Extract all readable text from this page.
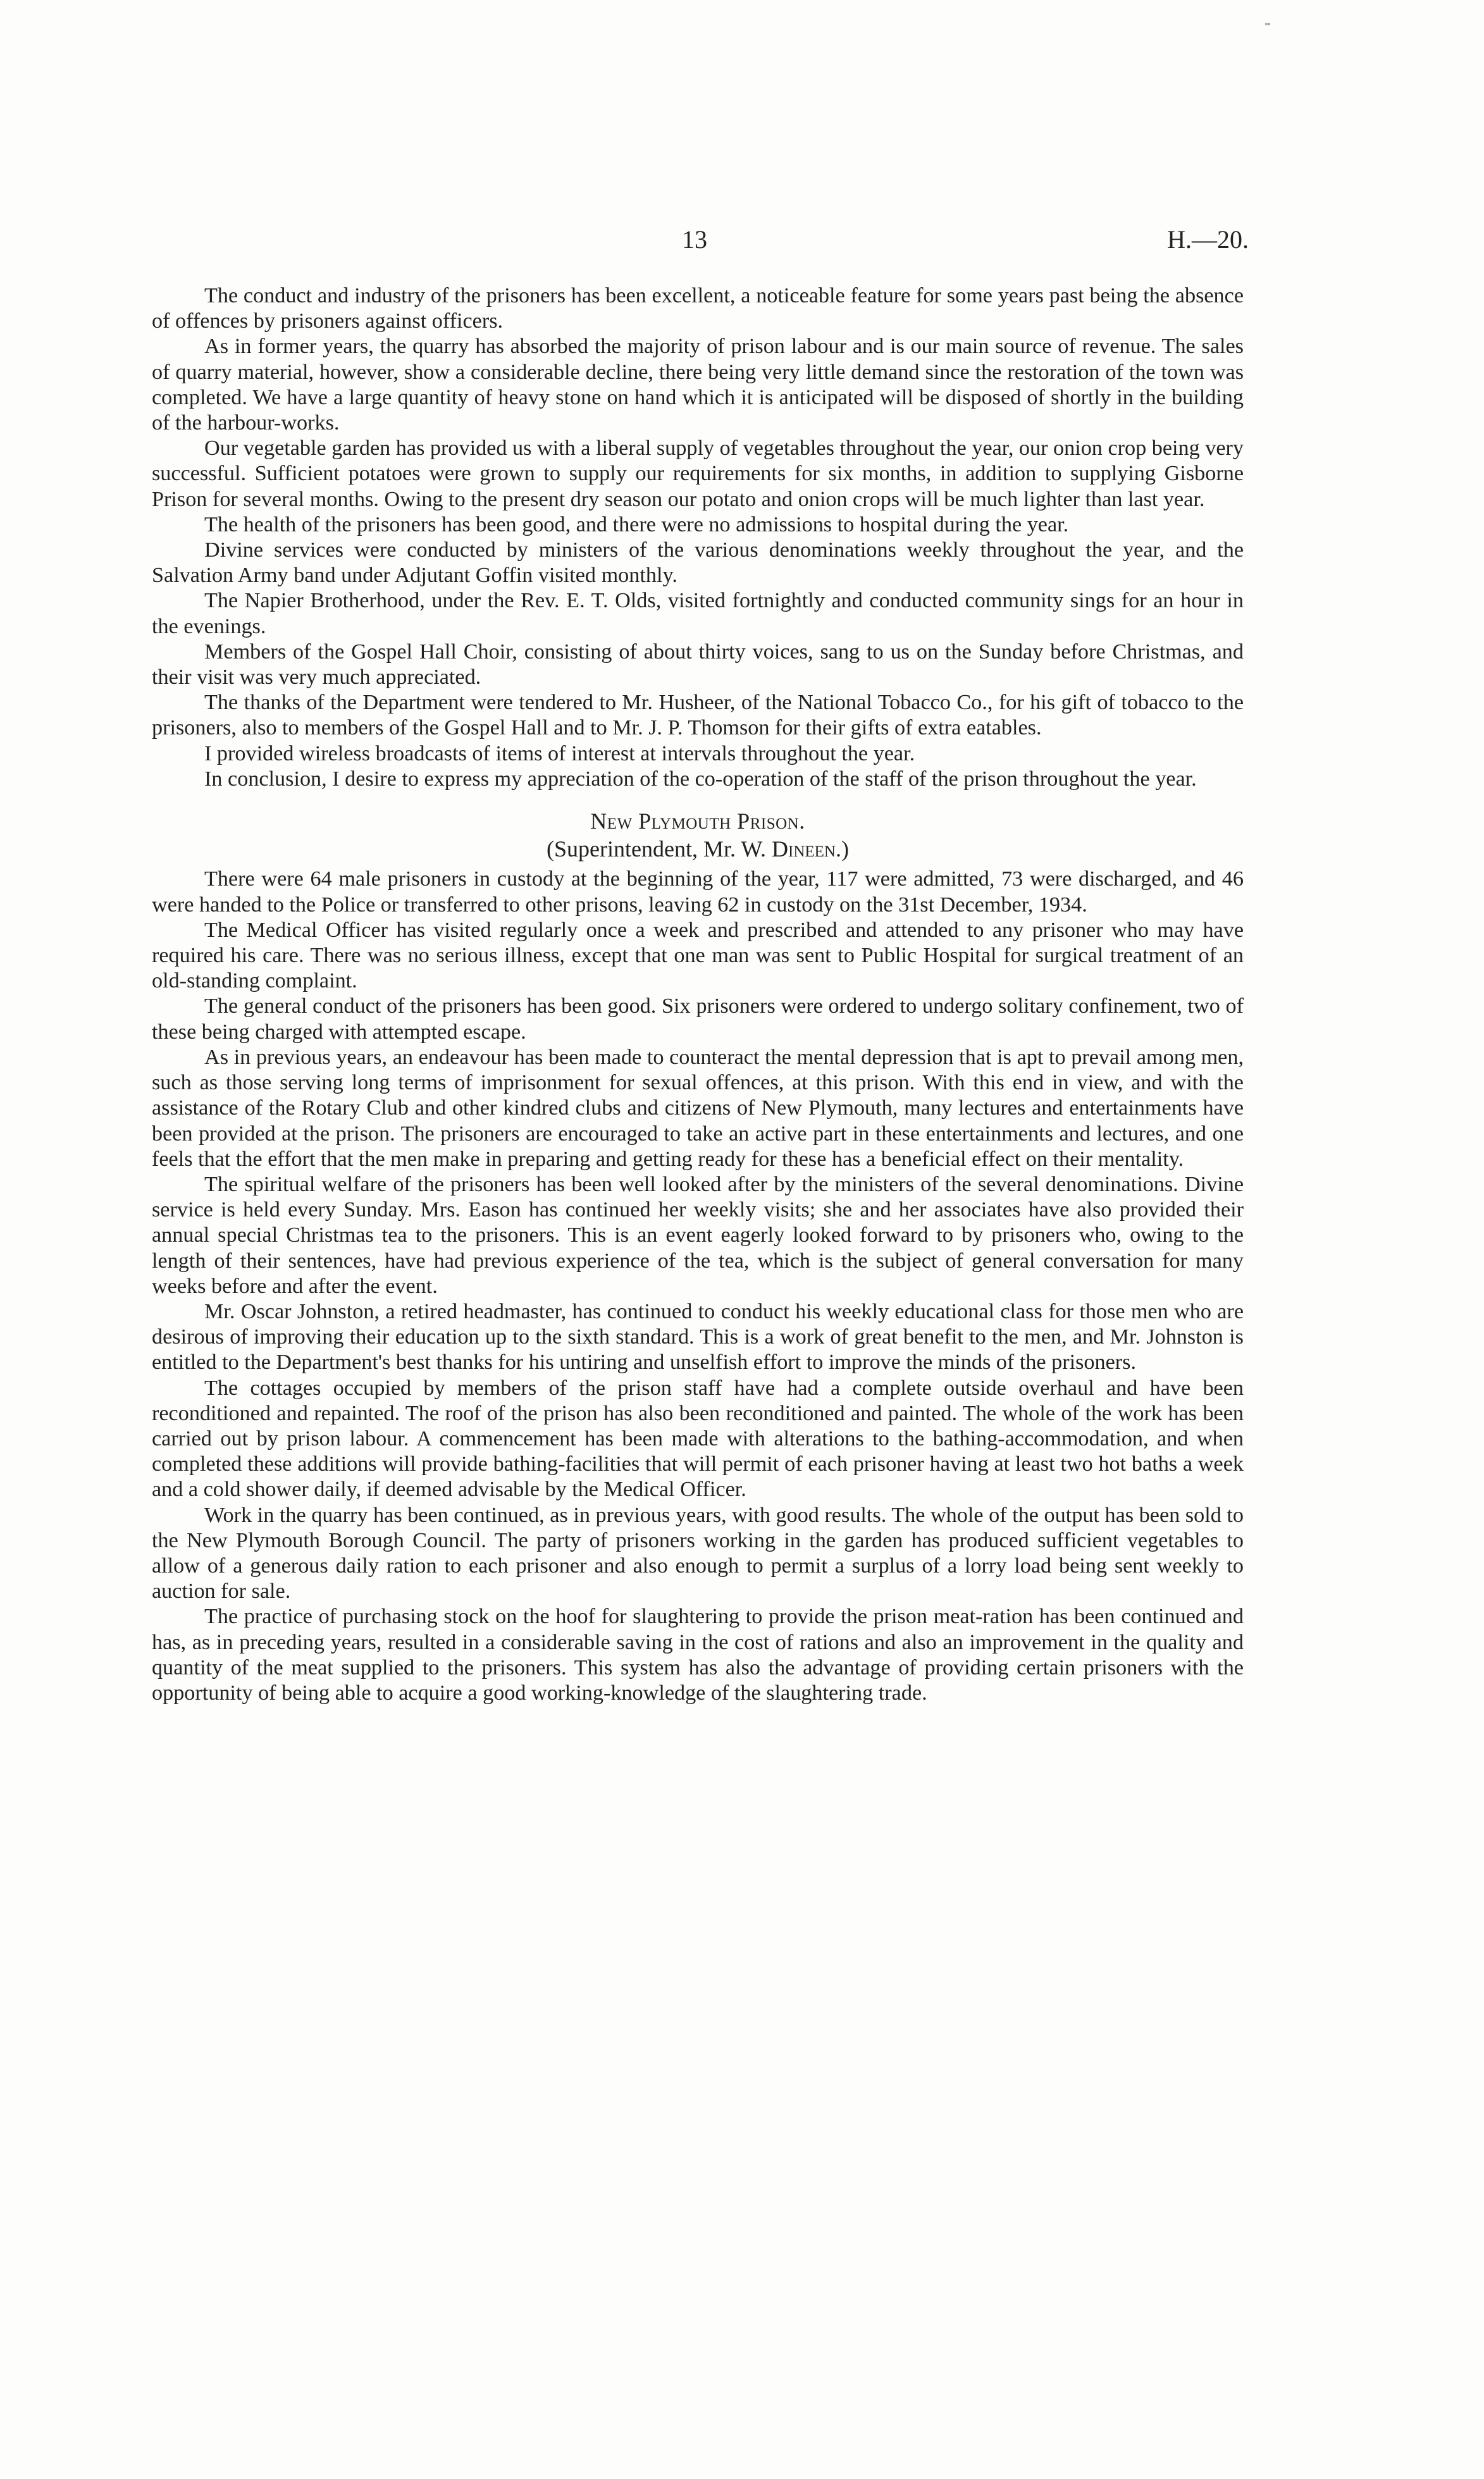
13	H.—20.

The conduct and industry of the prisoners has been excellent, a noticeable feature for some years past being the absence of offences by prisoners against officers.

As in former years, the quarry has absorbed the majority of prison labour and is our main source of revenue. The sales of quarry material, however, show a considerable decline, there being very little demand since the restoration of the town was completed. We have a large quantity of heavy stone on hand which it is anticipated will be disposed of shortly in the building of the harbour-works.

Our vegetable garden has provided us with a liberal supply of vegetables throughout the year, our onion crop being very successful. Sufficient potatoes were grown to supply our requirements for six months, in addition to supplying Gisborne Prison for several months. Owing to the present dry season our potato and onion crops will be much lighter than last year.

The health of the prisoners has been good, and there were no admissions to hospital during the year.

Divine services were conducted by ministers of the various denominations weekly throughout the year, and the Salvation Army band under Adjutant Goffin visited monthly.

The Napier Brotherhood, under the Rev. E. T. Olds, visited fortnightly and conducted community sings for an hour in the evenings.

Members of the Gospel Hall Choir, consisting of about thirty voices, sang to us on the Sunday before Christmas, and their visit was very much appreciated.

The thanks of the Department were tendered to Mr. Husheer, of the National Tobacco Co., for his gift of tobacco to the prisoners, also to members of the Gospel Hall and to Mr. J. P. Thomson for their gifts of extra eatables.

I provided wireless broadcasts of items of interest at intervals throughout the year.

In conclusion, I desire to express my appreciation of the co-operation of the staff of the prison throughout the year.

New Plymouth Prison.
(Superintendent, Mr. W. Dineen.)

There were 64 male prisoners in custody at the beginning of the year, 117 were admitted, 73 were discharged, and 46 were handed to the Police or transferred to other prisons, leaving 62 in custody on the 31st December, 1934.

The Medical Officer has visited regularly once a week and prescribed and attended to any prisoner who may have required his care. There was no serious illness, except that one man was sent to Public Hospital for surgical treatment of an old-standing complaint.

The general conduct of the prisoners has been good. Six prisoners were ordered to undergo solitary confinement, two of these being charged with attempted escape.

As in previous years, an endeavour has been made to counteract the mental depression that is apt to prevail among men, such as those serving long terms of imprisonment for sexual offences, at this prison. With this end in view, and with the assistance of the Rotary Club and other kindred clubs and citizens of New Plymouth, many lectures and entertainments have been provided at the prison. The prisoners are encouraged to take an active part in these entertainments and lectures, and one feels that the effort that the men make in preparing and getting ready for these has a beneficial effect on their mentality.

The spiritual welfare of the prisoners has been well looked after by the ministers of the several denominations. Divine service is held every Sunday. Mrs. Eason has continued her weekly visits; she and her associates have also provided their annual special Christmas tea to the prisoners. This is an event eagerly looked forward to by prisoners who, owing to the length of their sentences, have had previous experience of the tea, which is the subject of general conversation for many weeks before and after the event.

Mr. Oscar Johnston, a retired headmaster, has continued to conduct his weekly educational class for those men who are desirous of improving their education up to the sixth standard. This is a work of great benefit to the men, and Mr. Johnston is entitled to the Department's best thanks for his untiring and unselfish effort to improve the minds of the prisoners.

The cottages occupied by members of the prison staff have had a complete outside overhaul and have been reconditioned and repainted. The roof of the prison has also been reconditioned and painted. The whole of the work has been carried out by prison labour. A commencement has been made with alterations to the bathing-accommodation, and when completed these additions will provide bathing-facilities that will permit of each prisoner having at least two hot baths a week and a cold shower daily, if deemed advisable by the Medical Officer.

Work in the quarry has been continued, as in previous years, with good results. The whole of the output has been sold to the New Plymouth Borough Council. The party of prisoners working in the garden has produced sufficient vegetables to allow of a generous daily ration to each prisoner and also enough to permit a surplus of a lorry load being sent weekly to auction for sale.

The practice of purchasing stock on the hoof for slaughtering to provide the prison meat-ration has been continued and has, as in preceding years, resulted in a considerable saving in the cost of rations and also an improvement in the quality and quantity of the meat supplied to the prisoners. This system has also the advantage of providing certain prisoners with the opportunity of being able to acquire a good working-knowledge of the slaughtering trade.
